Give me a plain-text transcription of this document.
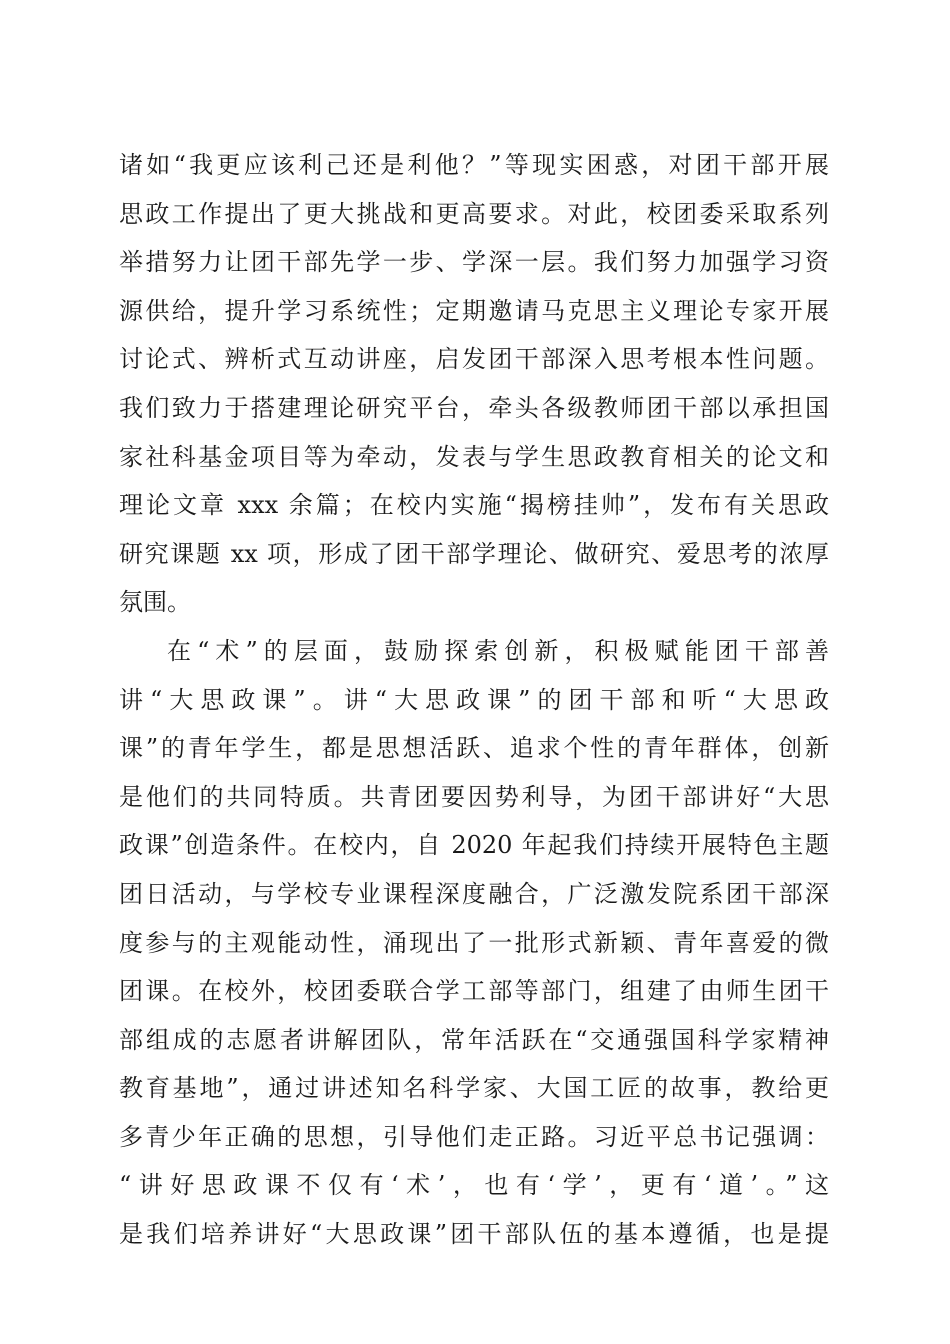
诸如“我更应该利己还是利他？”等现实困惑，对团干部开展
思政工作提出了更大挑战和更高要求。对此，校团委采取系列
举措努力让团干部先学一步、学深一层。我们努力加强学习资
源供给，提升学习系统性；定期邀请马克思主义理论专家开展
讨论式、辨析式互动讲座，启发团干部深入思考根本性问题。
我们致力于搭建理论研究平台，牵头各级教师团干部以承担国
家社科基金项目等为牵动，发表与学生思政教育相关的论文和
理论文章 xxx 余篇；在校内实施“揭榜挂帅”，发布有关思政
研究课题 xx 项，形成了团干部学理论、做研究、爱思考的浓厚
氛围。
在“术”的层面，鼓励探索创新，积极赋能团干部善
讲“大思政课”。讲“大思政课”的团干部和听“大思政
课”的青年学生，都是思想活跃、追求个性的青年群体，创新
是他们的共同特质。共青团要因势利导，为团干部讲好“大思
政课”创造条件。在校内，自 2020 年起我们持续开展特色主题
团日活动，与学校专业课程深度融合，广泛激发院系团干部深
度参与的主观能动性，涌现出了一批形式新颖、青年喜爱的微
团课。在校外，校团委联合学工部等部门，组建了由师生团干
部组成的志愿者讲解团队，常年活跃在“交通强国科学家精神
教育基地”，通过讲述知名科学家、大国工匠的故事，教给更
多青少年正确的思想，引导他们走正路。习近平总书记强调：
“讲好思政课不仅有‘术’，也有‘学’，更有‘道’。”这
是我们培养讲好“大思政课”团干部队伍的基本遵循，也是提
